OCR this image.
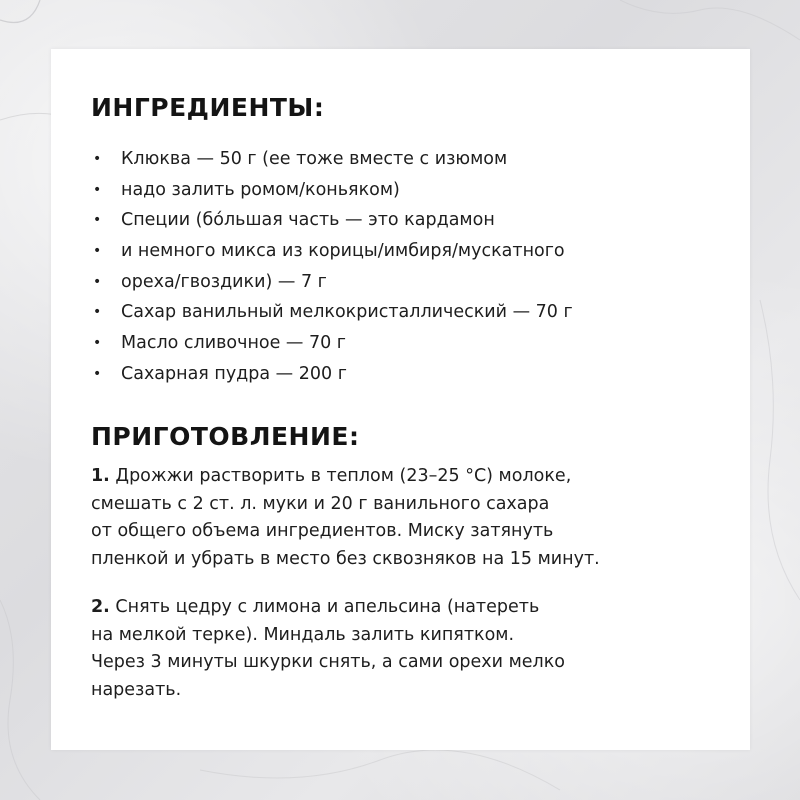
ИНГРЕДИЕНТЫ:
• Клюква — 50 г (ее тоже вместе с изюмом
• надо залить ромом/коньяком)
• Специи (бóльшая часть — это кардамон
• и немного микса из корицы/имбиря/мускатного
• ореха/гвоздики) — 7 г
• Сахар ванильный мелкокристаллический — 70 г
• Масло сливочное — 70 г
• Сахарная пудра — 200 г
ПРИГОТОВЛЕНИЕ:

1. Дрожжи растворить в теплом (23–25 °С) молоке,
смешать с 2 ст. л. муки и 20 г ванильного сахара
от общего объема ингредиентов. Миску затянуть
пленкой и убрать в место без сквозняков на 15 минут.

2. Снять цедру с лимона и апельсина (натереть
на мелкой терке). Миндаль залить кипятком.
Через 3 минуты шкурки снять, а сами орехи мелко
нарезать.
